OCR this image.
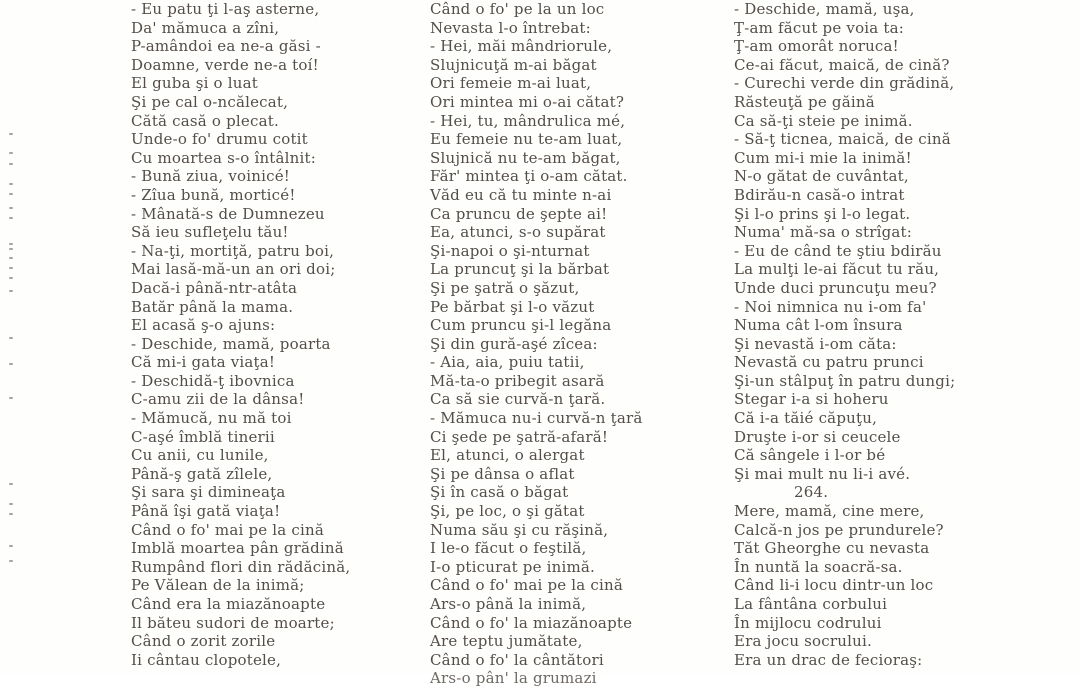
- Eu patu ţi l-aş asterne,
Da' mămuca a zîni,
P-amândoi ea ne-a găsi -
Doamne, verde ne-a toí!
El guba şi o luat
Şi pe cal o-ncălecat,
Cătă casă o plecat.
Unde-o fo' drumu cotit
Cu moartea s-o întâlnit:
- Bună ziua, voinicé!
- Zîua bună, morticé!
- Mânată-s de Dumnezeu
Să ieu sufleţelu tău!
- Na-ţi, mortiţă, patru boi,
Mai lasă-mă-un an ori doi;
Dacă-i până-ntr-atâta
Batăr până la mama.
El acasă ş-o ajuns:
- Deschide, mamă, poarta
Că mi-i gata viaţa!
- Deschidă-ţ ibovnica
C-amu zii de la dânsa!
- Mămucă, nu mă toi
C-aşé îmblă tinerii
Cu anii, cu lunile,
Până-ş gată zîlele,
Şi sara şi dimineaţa
Până îşi gată viaţa!
Când o fo' mai pe la cină
Imblă moartea pân grădină
Rumpând flori din rădăcină,
Pe Vălean de la inimă;
Când era la miazănoapte
Il băteu sudori de moarte;
Când o zorit zorile
Ii cântau clopotele,
Când o fo' pe la un loc
Nevasta l-o întrebat:
- Hei, măi mândriorule,
Slujnicuţă m-ai băgat
Ori femeie m-ai luat,
Ori mintea mi o-ai cătat?
- Hei, tu, mândrulica mé,
Eu femeie nu te-am luat,
Slujnică nu te-am băgat,
Făr' mintea ţi o-am cătat.
Văd eu că tu minte n-ai
Ca pruncu de şepte ai!
Ea, atunci, s-o supărat
Şi-napoi o şi-nturnat
La pruncuţ şi la bărbat
Şi pe şatră o şăzut,
Pe bărbat şi l-o văzut
Cum pruncu şi-l legăna
Şi din gură-aşé zîcea:
- Aia, aia, puiu tatii,
Mă-ta-o pribegit asară
Ca să sie curvă-n ţară.
- Mămuca nu-i curvă-n ţară
Ci şede pe şatră-afară!
El, atunci, o alergat
Şi pe dânsa o aflat
Şi în casă o băgat
Şi, pe loc, o şi gătat
Numa său şi cu răşină,
I le-o făcut o feştilă,
I-o pticurat pe inimă.
Când o fo' mai pe la cină
Ars-o până la inimă,
Când o fo' la miazănoapte
Are teptu jumătate,
Când o fo' la cântători
Ars-o pân' la grumazi
- Deschide, mamă, uşa,
Ţ-am făcut pe voia ta:
Ţ-am omorât noruca!
Ce-ai făcut, maică, de cină?
- Curechi verde din grădină,
Răsteuţă pe găină
Ca să-ţi steie pe inimă.
- Să-ţ ticnea, maică, de cină
Cum mi-i mie la inimă!
N-o gătat de cuvântat,
Bdirău-n casă-o intrat
Şi l-o prins şi l-o legat.
Numa' mă-sa o strîgat:
- Eu de când te ştiu bdirău
La mulţi le-ai făcut tu rău,
Unde duci pruncuţu meu?
- Noi nimnica nu i-om fa'
Numa cât l-om însura
Şi nevastă i-om căta:
Nevastă cu patru prunci
Şi-un stâlpuţ în patru dungi;
Stegar i-a si hoheru
Că i-a tăié căpuţu,
Druşte i-or si ceucele
Că sângele i l-or bé
Şi mai mult nu li-i avé.
264.
Mere, mamă, cine mere,
Calcă-n jos pe prundurele?
Tăt Gheorghe cu nevasta
În nuntă la soacră-sa.
Când li-i locu dintr-un loc
La fântâna corbului
În mijlocu codrului
Era jocu socrului.
Era un drac de fecioraş:
